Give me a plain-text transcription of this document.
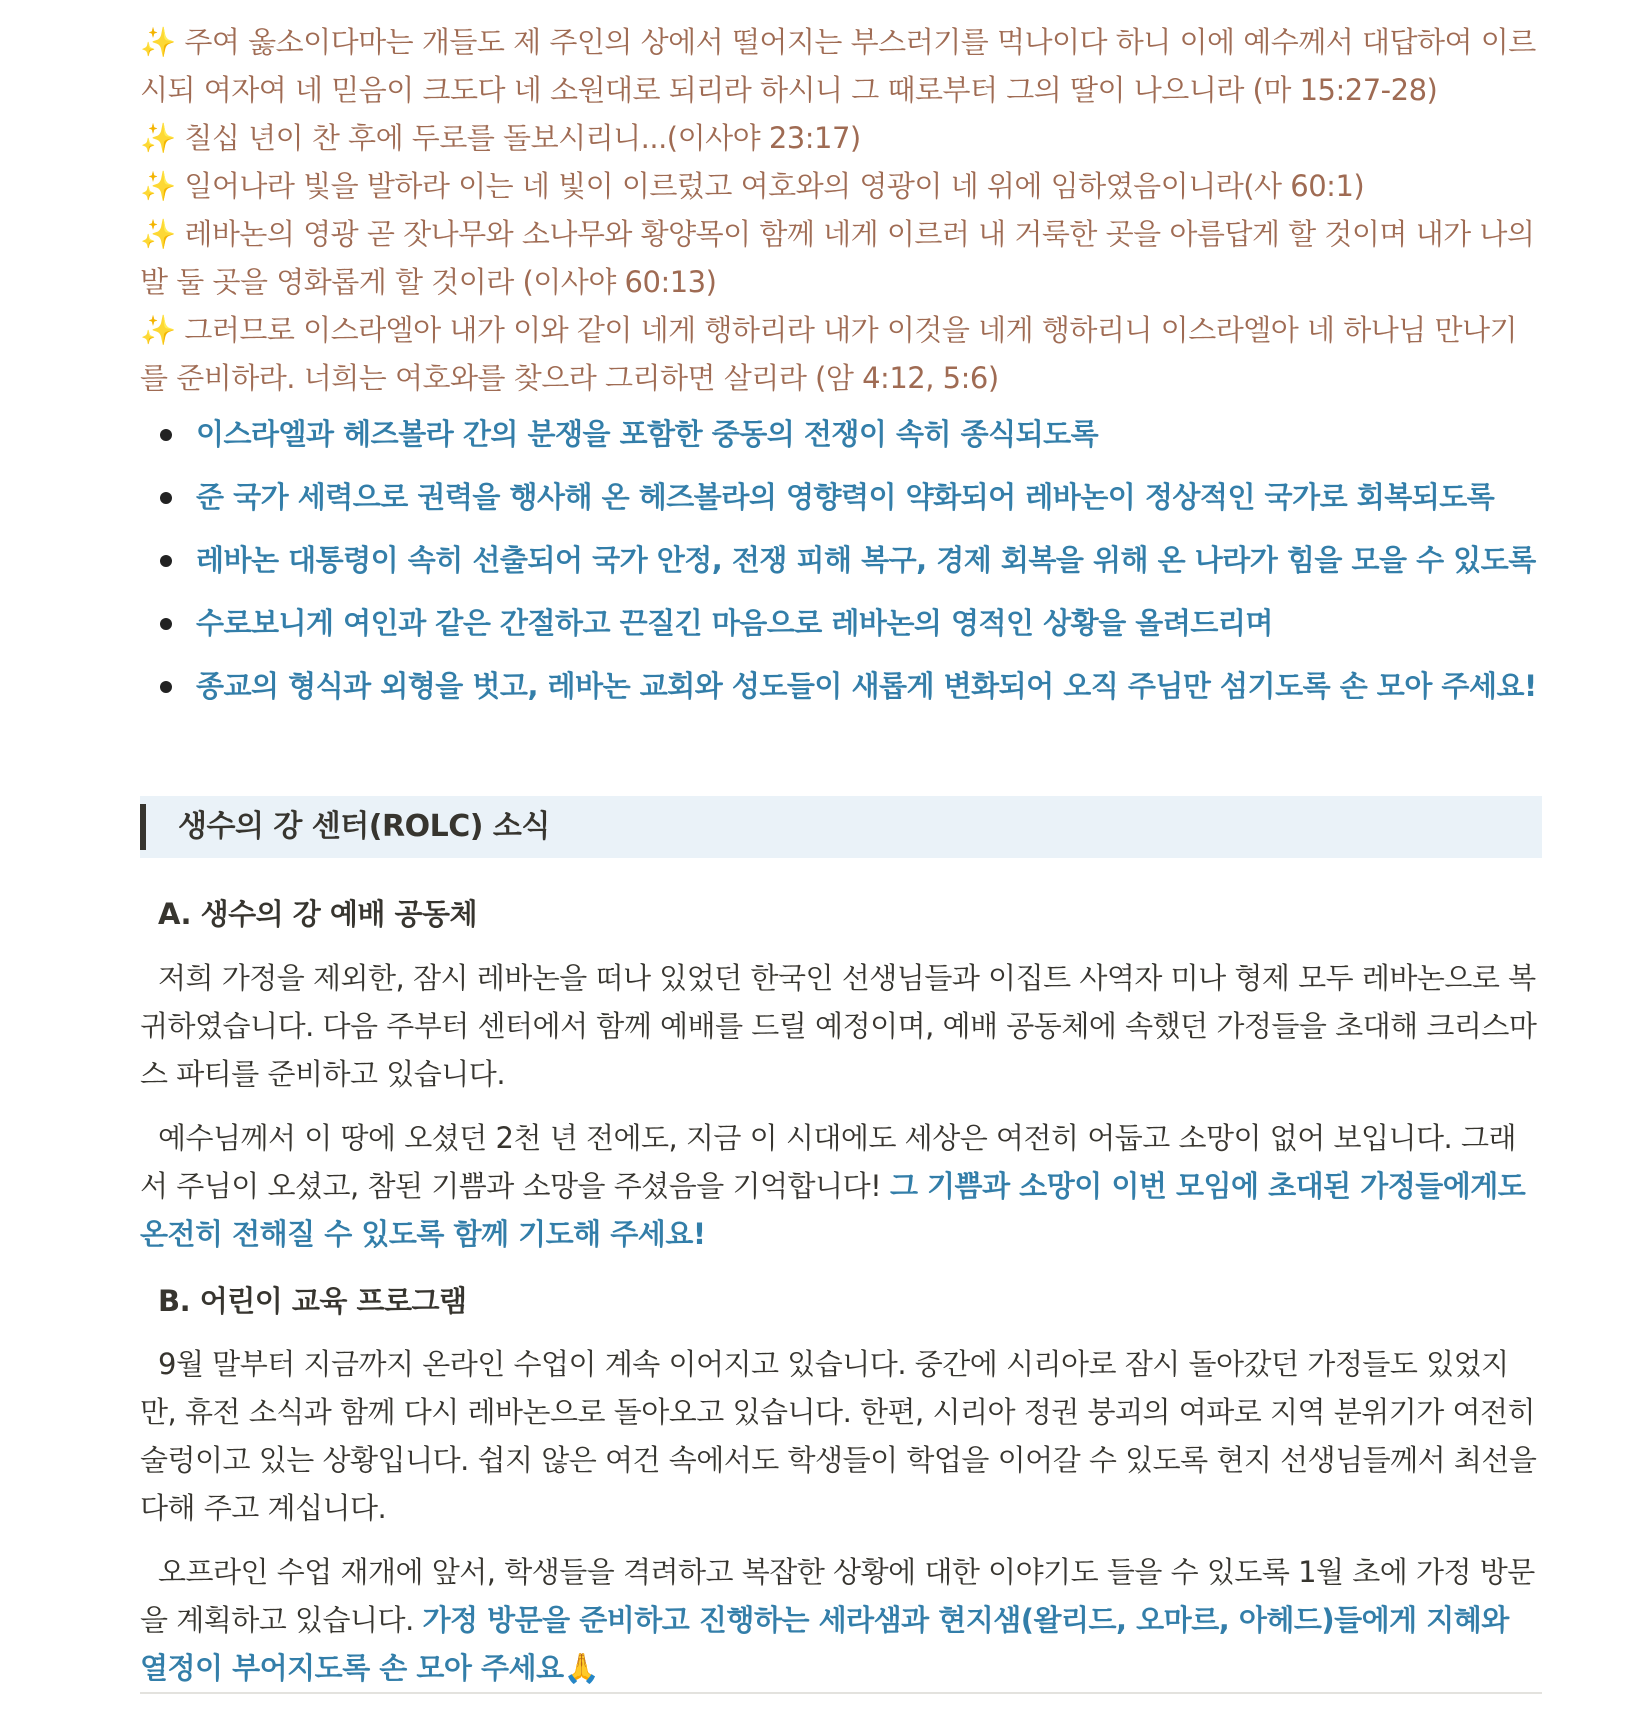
✨ 주여 옳소이다마는 개들도 제 주인의 상에서 떨어지는 부스러기를 먹나이다 하니 이에 예수께서 대답하여 이르시되 여자여 네 믿음이 크도다 네 소원대로 되리라 하시니 그 때로부터 그의 딸이 나으니라 (마 15:27-28)

✨ 칠십 년이 찬 후에 두로를 돌보시리니...(이사야 23:17)

✨ 일어나라 빛을 발하라 이는 네 빛이 이르렀고 여호와의 영광이 네 위에 임하였음이니라(사 60:1)

✨ 레바논의 영광 곧 잣나무와 소나무와 황양목이 함께 네게 이르러 내 거룩한 곳을 아름답게 할 것이며 내가 나의 발 둘 곳을 영화롭게 할 것이라 (이사야 60:13)

✨ 그러므로 이스라엘아 내가 이와 같이 네게 행하리라 내가 이것을 네게 행하리니 이스라엘아 네 하나님 만나기를 준비하라. 너희는 여호와를 찾으라 그리하면 살리라 (암 4:12, 5:6)

이스라엘과 헤즈볼라 간의 분쟁을 포함한 중동의 전쟁이 속히 종식되도록
준 국가 세력으로 권력을 행사해 온 헤즈볼라의 영향력이 약화되어 레바논이 정상적인 국가로 회복되도록
레바논 대통령이 속히 선출되어 국가 안정, 전쟁 피해 복구, 경제 회복을 위해 온 나라가 힘을 모을 수 있도록
수로보니게 여인과 같은 간절하고 끈질긴 마음으로 레바논의 영적인 상황을 올려드리며
종교의 형식과 외형을 벗고, 레바논 교회와 성도들이 새롭게 변화되어 오직 주님만 섬기도록 손 모아 주세요!
생수의 강 센터(ROLC) 소식
A. 생수의 강 예배 공동체

저희 가정을 제외한, 잠시 레바논을 떠나 있었던 한국인 선생님들과 이집트 사역자 미나 형제 모두 레바논으로 복귀하였습니다. 다음 주부터 센터에서 함께 예배를 드릴 예정이며, 예배 공동체에 속했던 가정들을 초대해 크리스마스 파티를 준비하고 있습니다.

예수님께서 이 땅에 오셨던 2천 년 전에도, 지금 이 시대에도 세상은 여전히 어둡고 소망이 없어 보입니다. 그래서 주님이 오셨고, 참된 기쁨과 소망을 주셨음을 기억합니다! 그 기쁨과 소망이 이번 모임에 초대된 가정들에게도 온전히 전해질 수 있도록 함께 기도해 주세요!

B. 어린이 교육 프로그램

9월 말부터 지금까지 온라인 수업이 계속 이어지고 있습니다. 중간에 시리아로 잠시 돌아갔던 가정들도 있었지만, 휴전 소식과 함께 다시 레바논으로 돌아오고 있습니다. 한편, 시리아 정권 붕괴의 여파로 지역 분위기가 여전히 술렁이고 있는 상황입니다. 쉽지 않은 여건 속에서도 학생들이 학업을 이어갈 수 있도록 현지 선생님들께서 최선을 다해 주고 계십니다.

오프라인 수업 재개에 앞서, 학생들을 격려하고 복잡한 상황에 대한 이야기도 들을 수 있도록 1월 초에 가정 방문을 계획하고 있습니다. 가정 방문을 준비하고 진행하는 세라샘과 현지샘(왈리드, 오마르, 아헤드)들에게 지혜와 열정이 부어지도록 손 모아 주세요🙏
